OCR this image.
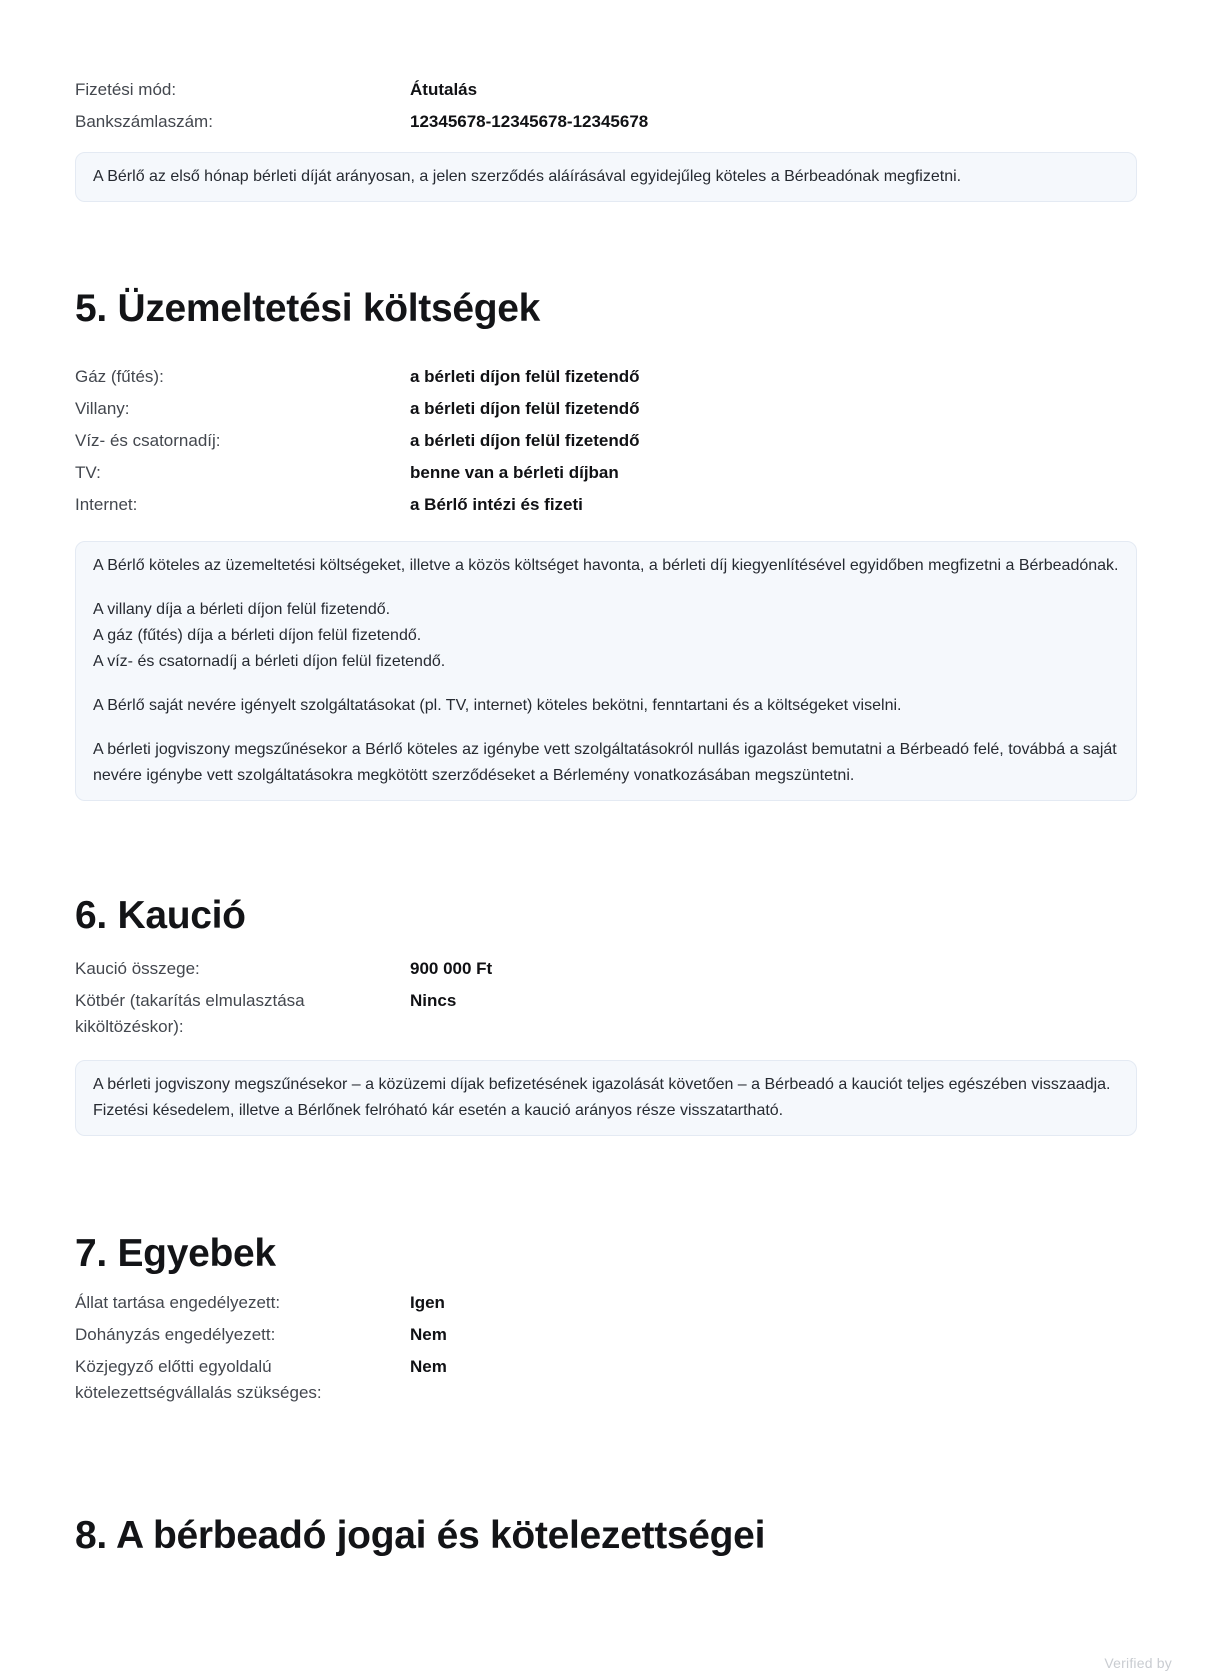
Fizetési mód:	Átutalás
Bankszámlaszám:	12345678-12345678-12345678

A Bérlő az első hónap bérleti díját arányosan, a jelen szerződés aláírásával egyidejűleg köteles a Bérbeadónak megfizetni.

5. Üzemeltetési költségek
Gáz (fűtés):	a bérleti díjon felül fizetendő
Villany:	a bérleti díjon felül fizetendő
Víz- és csatornadíj:	a bérleti díjon felül fizetendő
TV:	benne van a bérleti díjban
Internet:	a Bérlő intézi és fizeti

A Bérlő köteles az üzemeltetési költségeket, illetve a közös költséget havonta, a bérleti díj kiegyenlítésével egyidőben megfizetni a Bérbeadónak.

A villany díja a bérleti díjon felül fizetendő.
A gáz (fűtés) díja a bérleti díjon felül fizetendő.
A víz- és csatornadíj a bérleti díjon felül fizetendő.

A Bérlő saját nevére igényelt szolgáltatásokat (pl. TV, internet) köteles bekötni, fenntartani és a költségeket viselni.

A bérleti jogviszony megszűnésekor a Bérlő köteles az igénybe vett szolgáltatásokról nullás igazolást bemutatni a Bérbeadó felé, továbbá a saját nevére igénybe vett szolgáltatásokra megkötött szerződéseket a Bérlemény vonatkozásában megszüntetni.

6. Kaució
Kaució összege:	900 000 Ft
Kötbér (takarítás elmulasztása kiköltözéskor):
Nincs

A bérleti jogviszony megszűnésekor – a közüzemi díjak befizetésének igazolását követően – a Bérbeadó a kauciót teljes egészében visszaadja. Fizetési késedelem, illetve a Bérlőnek felróható kár esetén a kaució arányos része visszatartható.

7. Egyebek
Állat tartása engedélyezett:	Igen
Dohányzás engedélyezett:	Nem
Közjegyző előtti egyoldalú kötelezettségvállalás szükséges:
Nem
8. A bérbeadó jogai és kötelezettségei
Verified by
